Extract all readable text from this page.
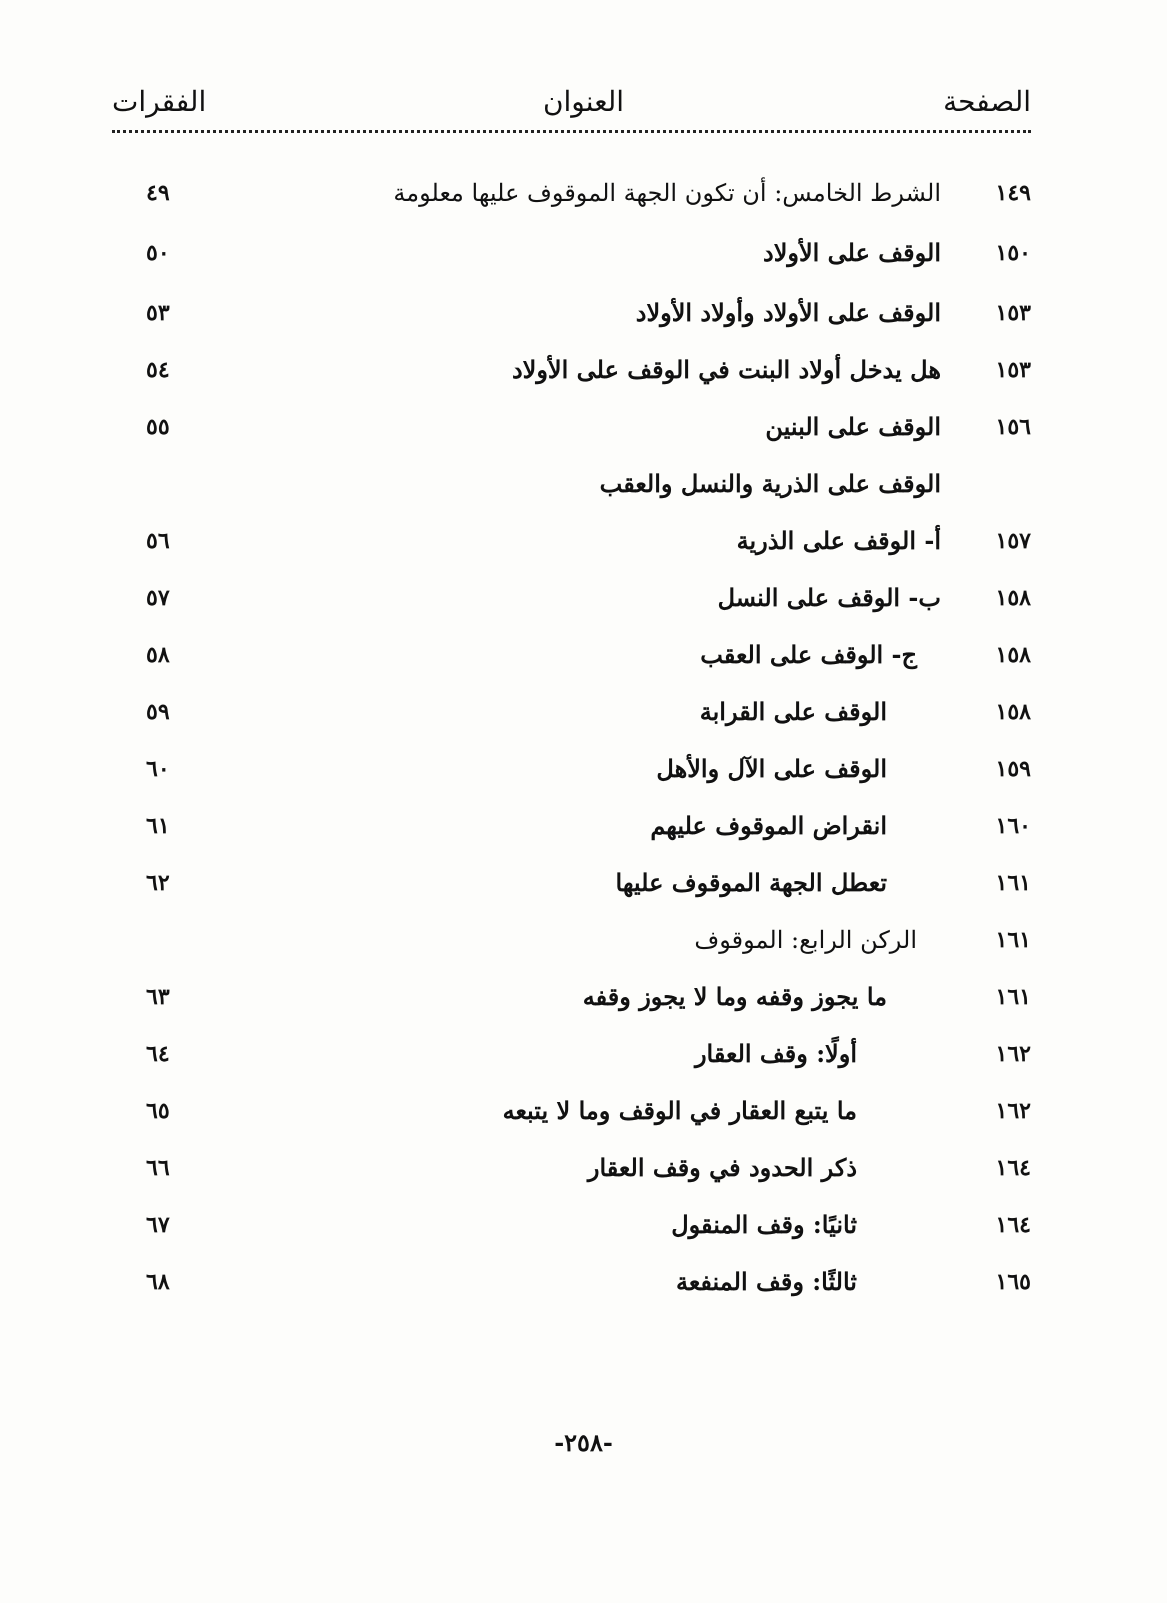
الصفحة
العنوان
الفقرات
١٤٩
الشرط الخامس: أن تكون الجهة الموقوف عليها معلومة
٤٩
١٥٠
الوقف على الأولاد
٥٠
١٥٣
الوقف على الأولاد وأولاد الأولاد
٥٣
١٥٣
هل يدخل أولاد البنت في الوقف على الأولاد
٥٤
١٥٦
الوقف على البنين
٥٥
الوقف على الذرية والنسل والعقب
١٥٧
أ- الوقف على الذرية
٥٦
١٥٨
ب- الوقف على النسل
٥٧
١٥٨
ج- الوقف على العقب
٥٨
١٥٨
الوقف على القرابة
٥٩
١٥٩
الوقف على الآل والأهل
٦٠
١٦٠
انقراض الموقوف عليهم
٦١
١٦١
تعطل الجهة الموقوف عليها
٦٢
١٦١
الركن الرابع: الموقوف
١٦١
ما يجوز وقفه وما لا يجوز وقفه
٦٣
١٦٢
أولًا: وقف العقار
٦٤
١٦٢
ما يتبع العقار في الوقف وما لا يتبعه
٦٥
١٦٤
ذكر الحدود في وقف العقار
٦٦
١٦٤
ثانيًا: وقف المنقول
٦٧
١٦٥
ثالثًا: وقف المنفعة
٦٨
-٢٥٨-
